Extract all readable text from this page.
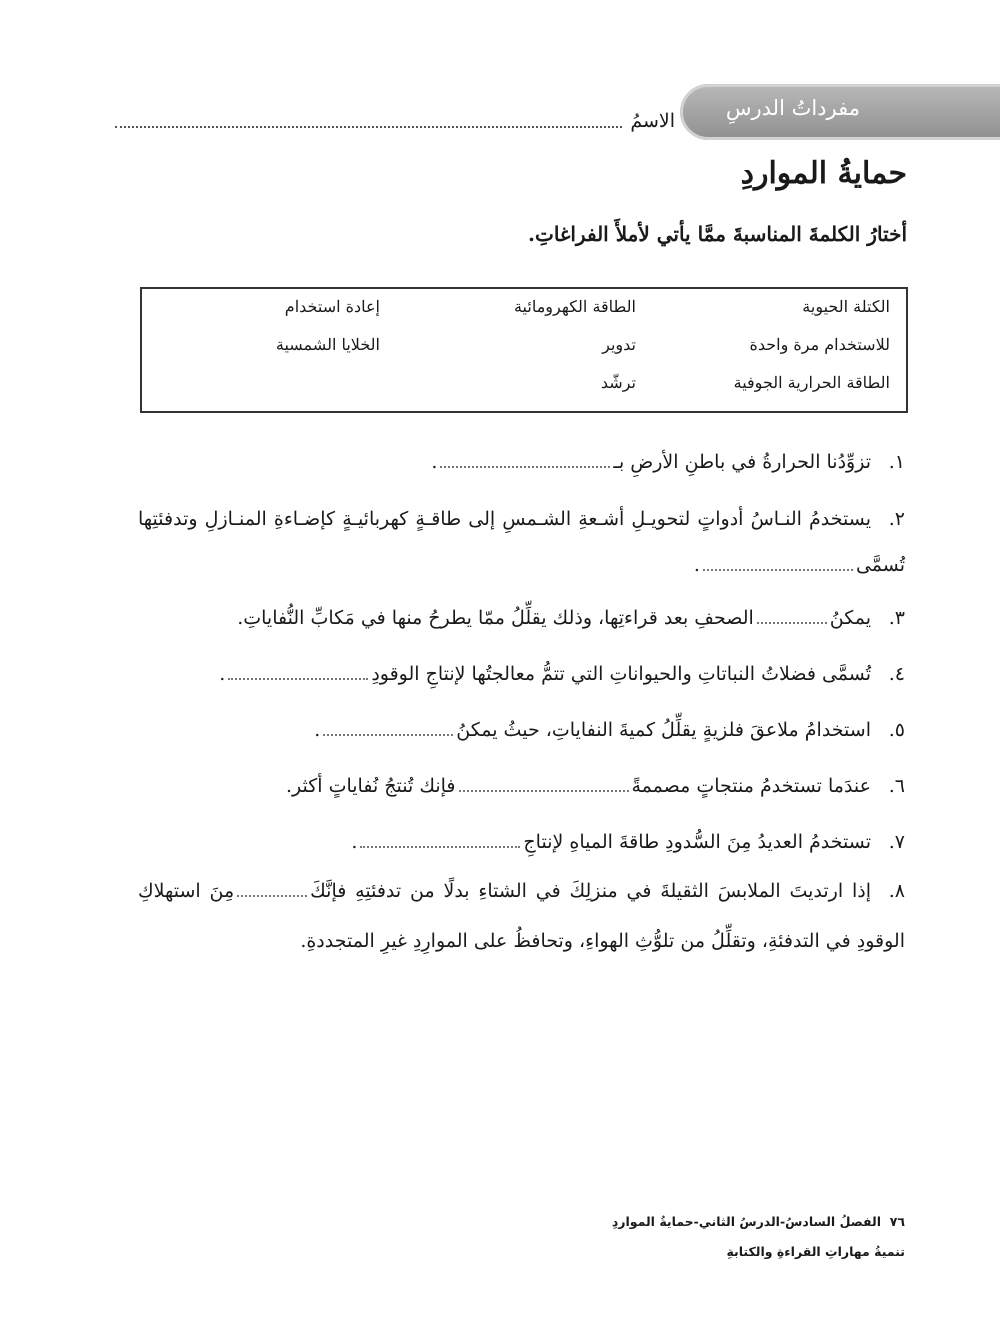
مفرداتُ الدرسِ
الاسمُ
حمايةُ المواردِ
أختارُ الكلمةَ المناسبةَ ممَّا يأتي لأملأَ الفراغاتِ.
الكتلة الحيوية
الطاقة الكهرومائية
إعادة استخدام
للاستخدام مرة واحدة
تدوير
الخلايا الشمسية
الطاقة الحرارية الجوفية
ترشّد
١.تزوِّدُنا الحرارةُ في باطنِ الأرضِ بـ.
٢.يستخدمُ النـاسُ أدواتٍ لتحويـلِ أشـعةِ الشـمسِ إلى طاقـةٍ كهربائيـةٍ كإضـاءةِ المنـازلِ وتدفئتِها تُسمَّى.
٣.يمكنُالصحفِ بعد قراءتِها، وذلك يقلِّلُ ممّا يطرحُ منها في مَكابِّ النُّفاياتِ.
٤.تُسمَّى فضلاتُ النباتاتِ والحيواناتِ التي تتمُّ معالجتُها لإنتاجِ الوقودِ.
٥.استخدامُ ملاعقَ فلزيةٍ يقلِّلُ كميةَ النفاياتِ، حيثُ يمكنُ.
٦.عندَما تستخدمُ منتجاتٍ مصممةًفإنك تُنتجُ نُفاياتٍ أكثر.
٧.تستخدمُ العديدُ مِنَ السُّدودِ طاقةَ المياهِ لإنتاجِ.
٨.إذا ارتديتَ الملابسَ الثقيلةَ في منزلِكَ في الشتاءِ بدلًا من تدفئتِهِ فإنَّكَمِنَ استهلاكِ الوقودِ في التدفئةِ، وتقلِّلُ من تلوُّثِ الهواءِ، وتحافظُ على الموارِدِ غيرِ المتجددةِ.
٧٦  الفصلُ السادسُ-الدرسُ الثاني-حمايةُ المواردِ
تنميةُ مهاراتِ القراءةِ والكتابةِ
